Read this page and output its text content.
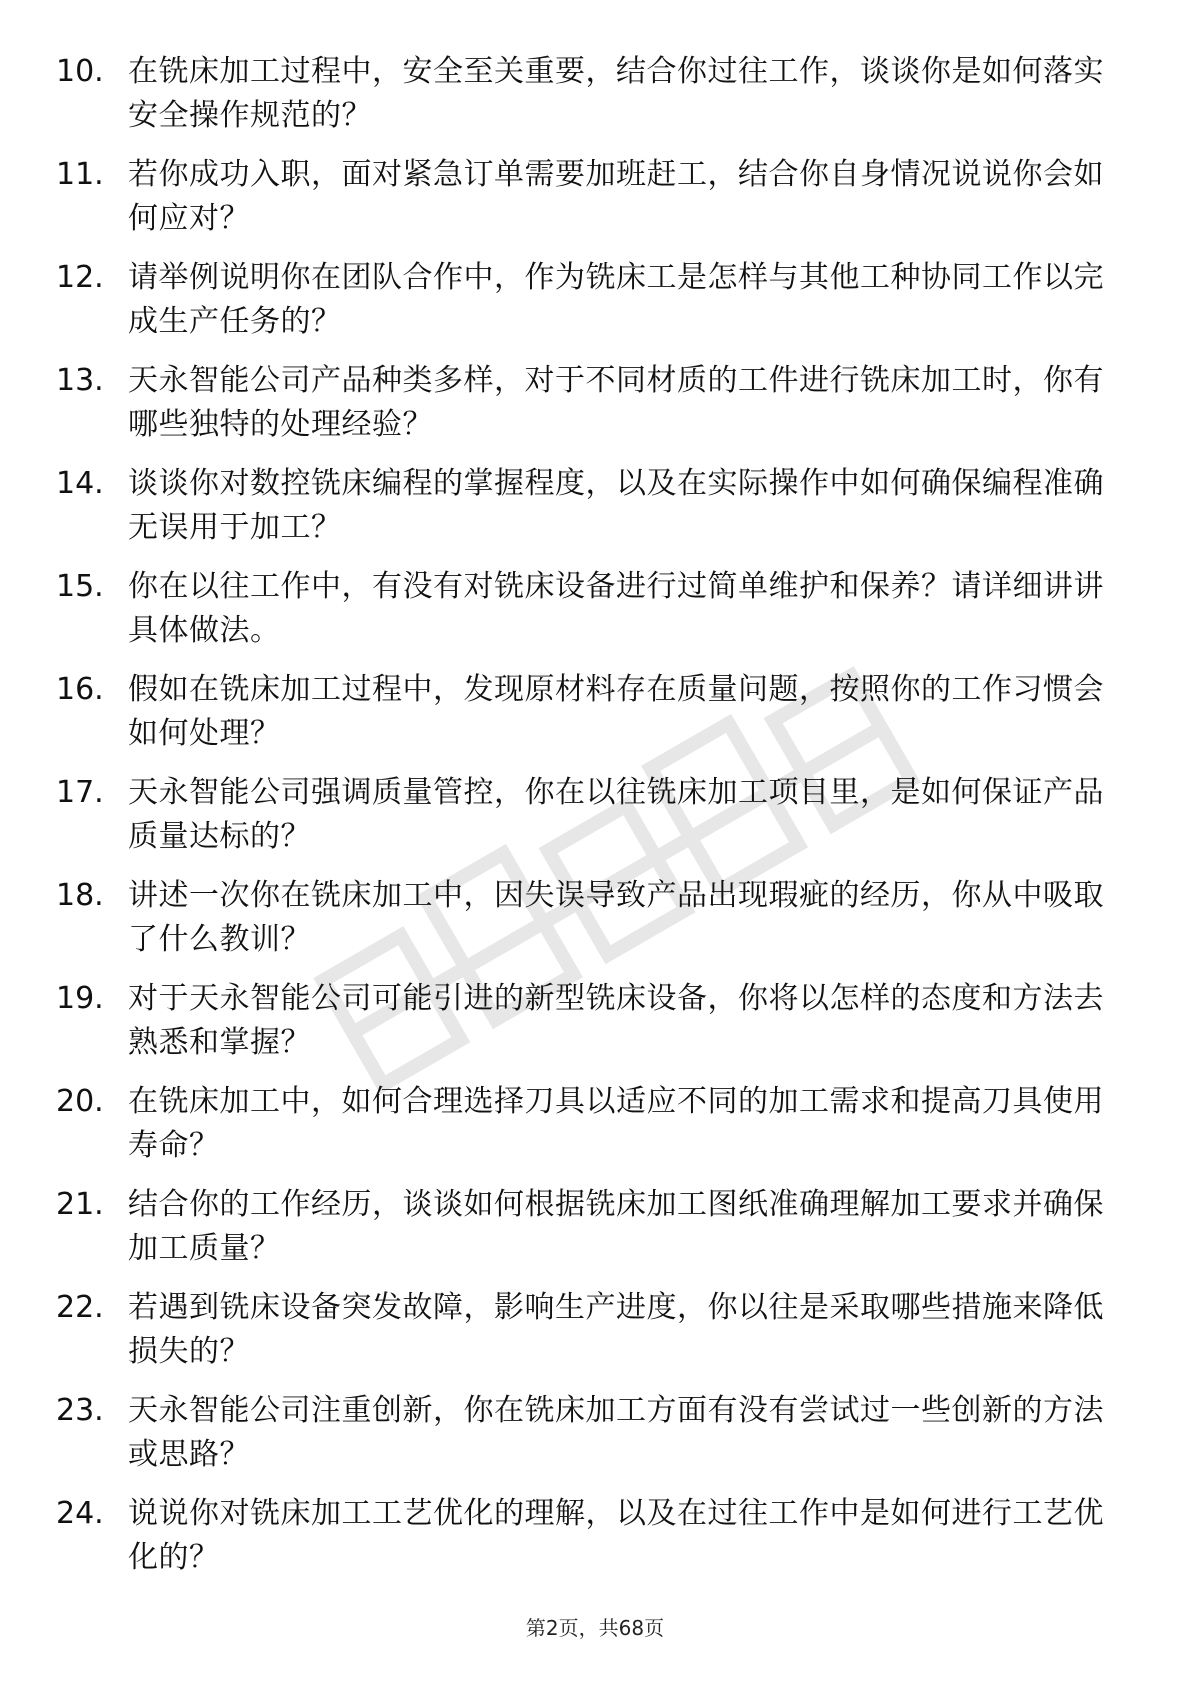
10. 在铣床加工过程中，安全至关重要，结合你过往工作，谈谈你是如何落实安全操作规范的？
11. 若你成功入职，面对紧急订单需要加班赶工，结合你自身情况说说你会如何应对？
12. 请举例说明你在团队合作中，作为铣床工是怎样与其他工种协同工作以完成生产任务的？
13. 天永智能公司产品种类多样，对于不同材质的工件进行铣床加工时，你有哪些独特的处理经验？
14. 谈谈你对数控铣床编程的掌握程度，以及在实际操作中如何确保编程准确无误用于加工？
15. 你在以往工作中，有没有对铣床设备进行过简单维护和保养？请详细讲讲具体做法。
16. 假如在铣床加工过程中，发现原材料存在质量问题，按照你的工作习惯会如何处理？
17. 天永智能公司强调质量管控，你在以往铣床加工项目里，是如何保证产品质量达标的？
18. 讲述一次你在铣床加工中，因失误导致产品出现瑕疵的经历，你从中吸取了什么教训？
19. 对于天永智能公司可能引进的新型铣床设备，你将以怎样的态度和方法去熟悉和掌握？
20. 在铣床加工中，如何合理选择刀具以适应不同的加工需求和提高刀具使用寿命？
21. 结合你的工作经历，谈谈如何根据铣床加工图纸准确理解加工要求并确保加工质量？
22. 若遇到铣床设备突发故障，影响生产进度，你以往是采取哪些措施来降低损失的？
23. 天永智能公司注重创新，你在铣床加工方面有没有尝试过一些创新的方法或思路？
24. 说说你对铣床加工工艺优化的理解，以及在过往工作中是如何进行工艺优化的？
第2页，共68页
